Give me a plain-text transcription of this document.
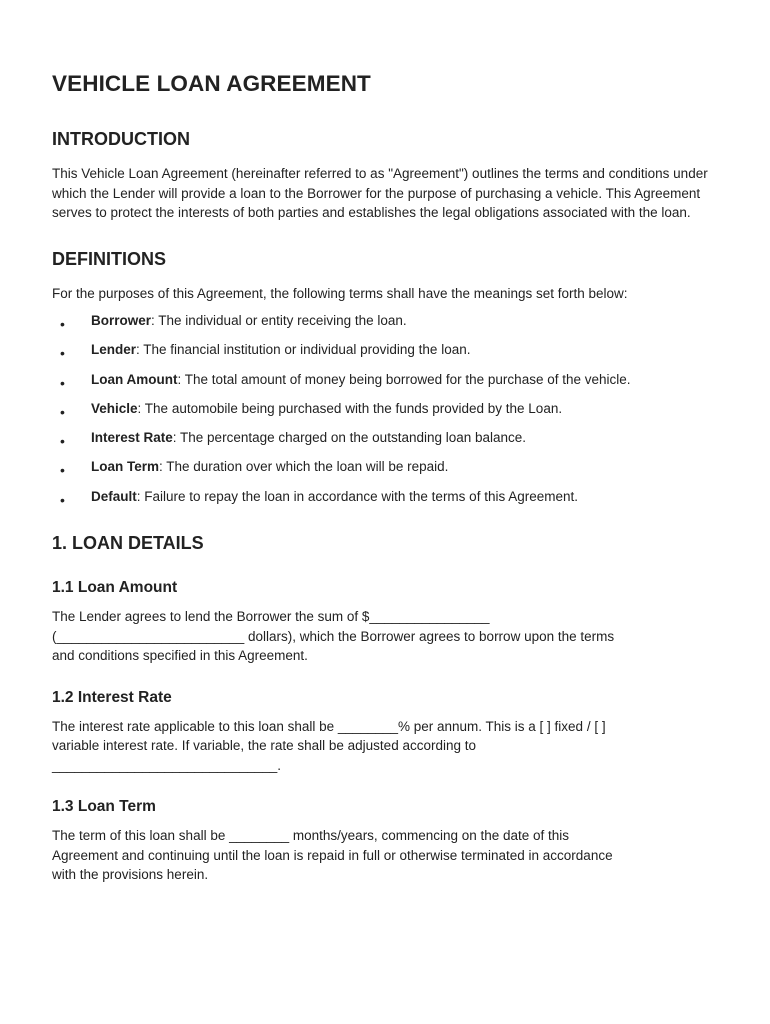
VEHICLE LOAN AGREEMENT
INTRODUCTION

This Vehicle Loan Agreement (hereinafter referred to as "Agreement") outlines the terms and conditions under which the Lender will provide a loan to the Borrower for the purpose of purchasing a vehicle. This Agreement serves to protect the interests of both parties and establishes the legal obligations associated with the loan.

DEFINITIONS

For the purposes of this Agreement, the following terms shall have the meanings set forth below:

• Borrower: The individual or entity receiving the loan.
• Lender: The financial institution or individual providing the loan.
• Loan Amount: The total amount of money being borrowed for the purchase of the vehicle.
• Vehicle: The automobile being purchased with the funds provided by the Loan.
• Interest Rate: The percentage charged on the outstanding loan balance.
• Loan Term: The duration over which the loan will be repaid.
• Default: Failure to repay the loan in accordance with the terms of this Agreement.
1. LOAN DETAILS
1.1 Loan Amount

The Lender agrees to lend the Borrower the sum of $________________
(_________________________ dollars), which the Borrower agrees to borrow upon the terms
and conditions specified in this Agreement.

1.2 Interest Rate

The interest rate applicable to this loan shall be ________% per annum. This is a [ ] fixed / [ ]
variable interest rate. If variable, the rate shall be adjusted according to
______________________________.

1.3 Loan Term

The term of this loan shall be ________ months/years, commencing on the date of this
Agreement and continuing until the loan is repaid in full or otherwise terminated in accordance
with the provisions herein.
